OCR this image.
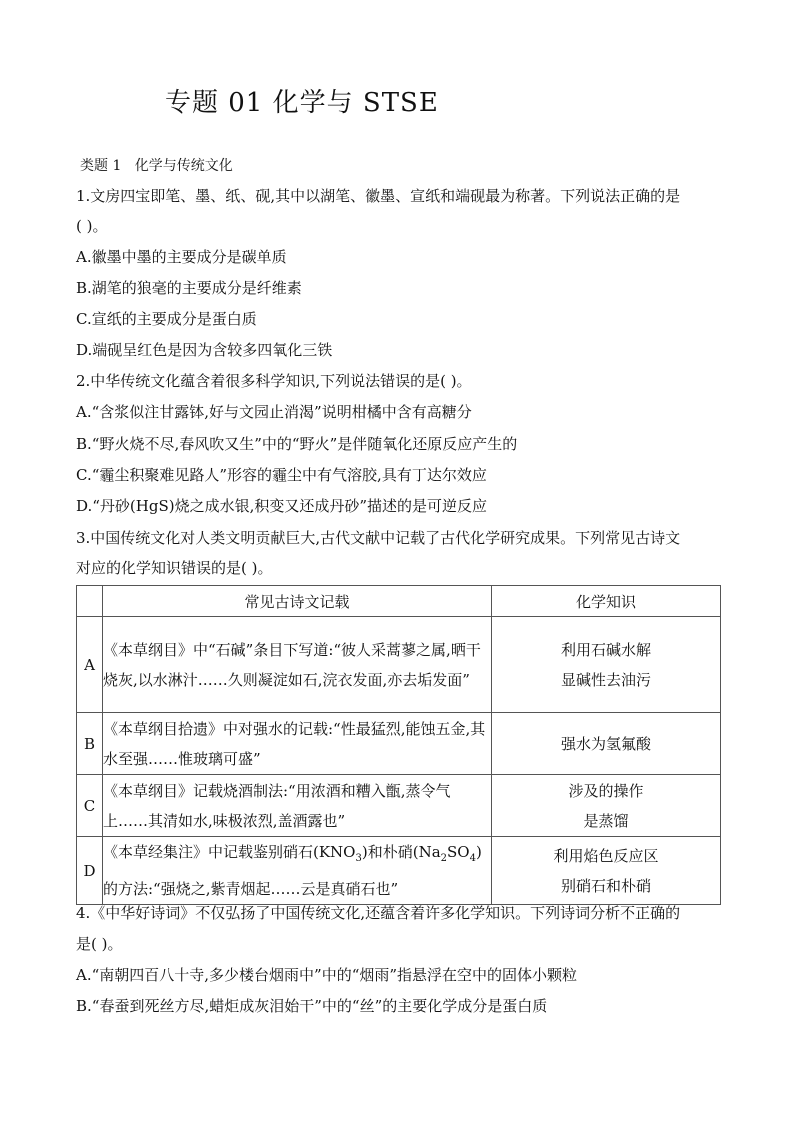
专题 01 化学与 STSE
类题 1   化学与传统文化
1.文房四宝即笔、墨、纸、砚,其中以湖笔、徽墨、宣纸和端砚最为称著。下列说法正确的是
( )。
A.徽墨中墨的主要成分是碳单质
B.湖笔的狼毫的主要成分是纤维素
C.宣纸的主要成分是蛋白质
D.端砚呈红色是因为含较多四氧化三铁
2.中华传统文化蕴含着很多科学知识,下列说法错误的是( )。
A.“含浆似注甘露钵,好与文园止消渴”说明柑橘中含有高糖分
B.“野火烧不尽,春风吹又生”中的“野火”是伴随氧化还原反应产生的
C.“霾尘积聚难见路人”形容的霾尘中有气溶胶,具有丁达尔效应
D.“丹砂(HgS)烧之成水银,积变又还成丹砂”描述的是可逆反应
3.中国传统文化对人类文明贡献巨大,古代文献中记载了古代化学研究成果。下列常见古诗文
对应的化学知识错误的是( )。
	常见古诗文记载	化学知识
A	《本草纲目》中“石碱”条目下写道:“彼人采蒿蓼之属,晒干烧灰,以水淋汁……久则凝淀如石,浣衣发面,亦去垢发面”	利用石碱水解
显碱性去油污

B	《本草纲目拾遗》中对强水的记载:“性最猛烈,能蚀五金,其水至强……惟玻璃可盛”	强水为氢氟酸

C	《本草纲目》记载烧酒制法:“用浓酒和糟入甑,蒸令气上……其清如水,味极浓烈,盖酒露也”	涉及的操作
是蒸馏

D	《本草经集注》中记载鉴别硝石$(KNO_3)$和朴硝$(Na_2SO_4)$的方法:“强烧之,紫青烟起……云是真硝石也”	利用焰色反应区
别硝石和朴硝
4.《中华好诗词》不仅弘扬了中国传统文化,还蕴含着许多化学知识。下列诗词分析不正确的
是( )。
A.“南朝四百八十寺,多少楼台烟雨中”中的“烟雨”指悬浮在空中的固体小颗粒
B.“春蚕到死丝方尽,蜡炬成灰泪始干”中的“丝”的主要化学成分是蛋白质
